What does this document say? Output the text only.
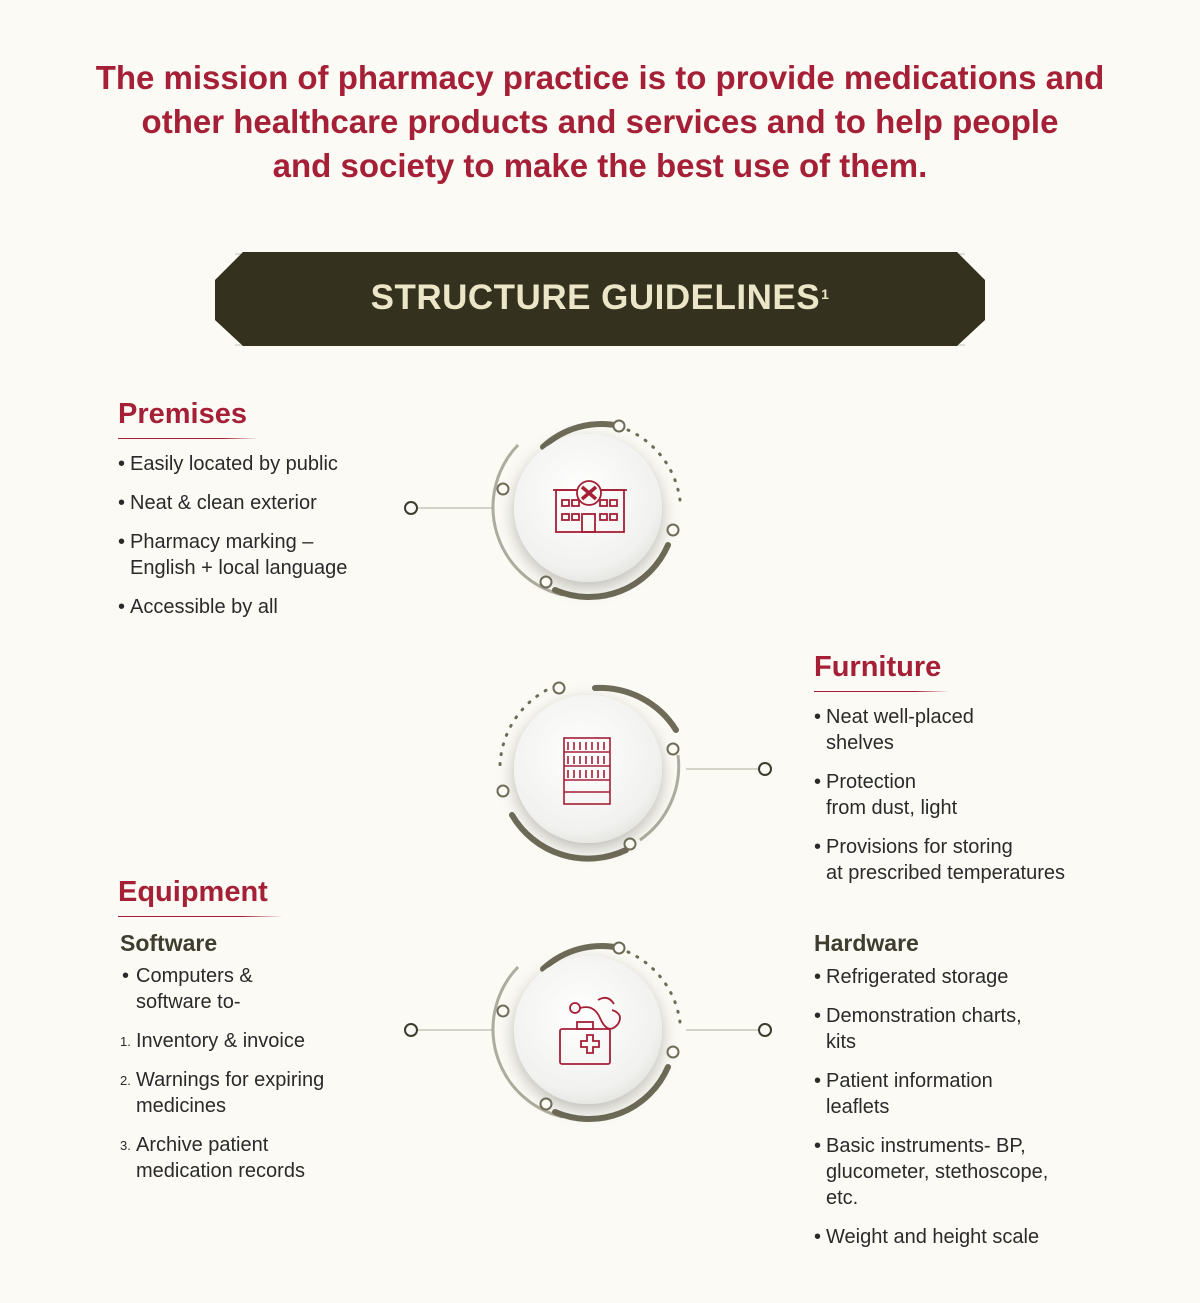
The mission of pharmacy practice is to provide medications and
other healthcare products and services and to help people
and society to make the best use of them.
STRUCTURE GUIDELINES$^1$
Premises
• Easily located by public
• Neat & clean exterior
• Pharmacy marking –
English + local language
• Accessible by all
Furniture
• Neat well-placed
shelves
• Protection
from dust, light
• Provisions for storing
at prescribed temperatures
Equipment
Software
• Computers &
software to-
1. Inventory & invoice
2. Warnings for expiring
medicines
3. Archive patient
medication records
Hardware
• Refrigerated storage
• Demonstration charts,
kits
• Patient information
leaflets
• Basic instruments- BP,
glucometer, stethoscope,
etc.
• Weight and height scale
